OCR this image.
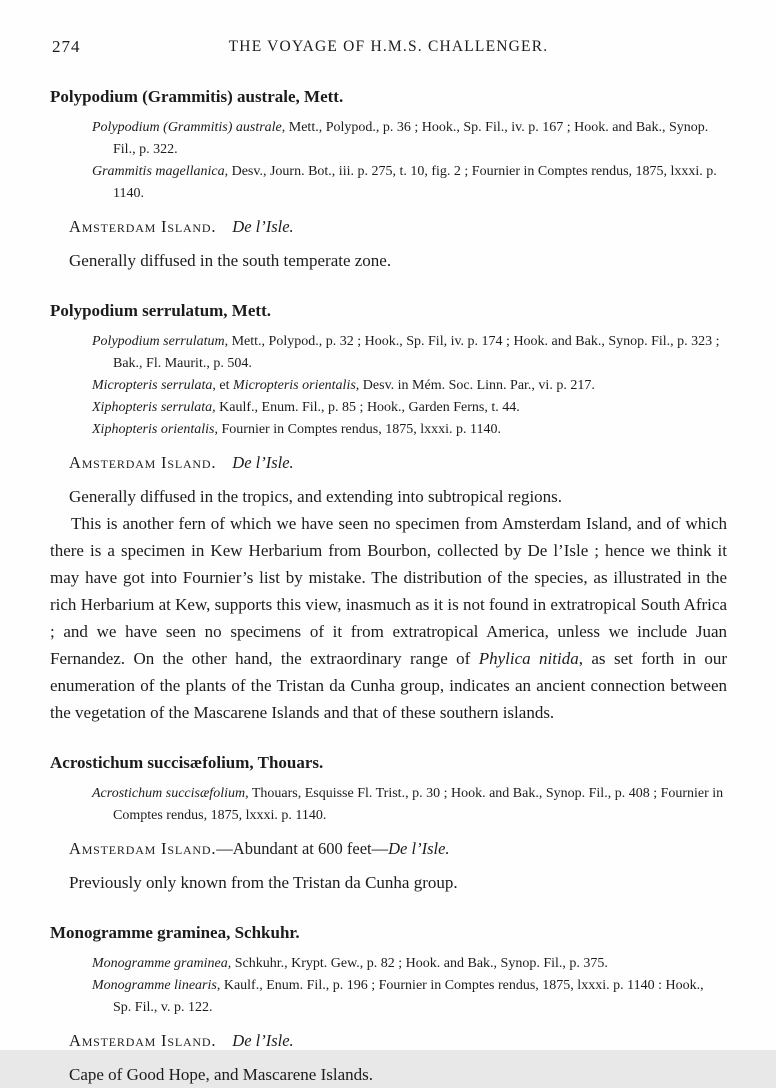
274	THE VOYAGE OF H.M.S. CHALLENGER.
Polypodium (Grammitis) australe, Mett.
Polypodium (Grammitis) australe, Mett., Polypod., p. 36 ; Hook., Sp. Fil., iv. p. 167 ; Hook. and Bak., Synop. Fil., p. 322.
Grammitis magellanica, Desv., Journ. Bot., iii. p. 275, t. 10, fig. 2 ; Fournier in Comptes rendus, 1875, lxxxi. p. 1140.
Amsterdam Island. De l’Isle.
Generally diffused in the south temperate zone.
Polypodium serrulatum, Mett.
Polypodium serrulatum, Mett., Polypod., p. 32 ; Hook., Sp. Fil, iv. p. 174 ; Hook. and Bak., Synop. Fil., p. 323 ; Bak., Fl. Maurit., p. 504.
Micropteris serrulata, et Micropteris orientalis, Desv. in Mém. Soc. Linn. Par., vi. p. 217.
Xiphopteris serrulata, Kaulf., Enum. Fil., p. 85 ; Hook., Garden Ferns, t. 44.
Xiphopteris orientalis, Fournier in Comptes rendus, 1875, lxxxi. p. 1140.
Amsterdam Island. De l’Isle.
Generally diffused in the tropics, and extending into subtropical regions.
This is another fern of which we have seen no specimen from Amsterdam Island, and of which there is a specimen in Kew Herbarium from Bourbon, collected by De l’Isle ; hence we think it may have got into Fournier’s list by mistake. The distribution of the species, as illustrated in the rich Herbarium at Kew, supports this view, inasmuch as it is not found in extratropical South Africa ; and we have seen no specimens of it from extratropical America, unless we include Juan Fernandez. On the other hand, the extraordinary range of Phylica nitida, as set forth in our enumeration of the plants of the Tristan da Cunha group, indicates an ancient connection between the vegetation of the Mascarene Islands and that of these southern islands.
Acrostichum succisæfolium, Thouars.
Acrostichum succisæfolium, Thouars, Esquisse Fl. Trist., p. 30 ; Hook. and Bak., Synop. Fil., p. 408 ; Fournier in Comptes rendus, 1875, lxxxi. p. 1140.
Amsterdam Island.—Abundant at 600 feet—De l’Isle.
Previously only known from the Tristan da Cunha group.
Monogramme graminea, Schkuhr.
Monogramme graminea, Schkuhr., Krypt. Gew., p. 82 ; Hook. and Bak., Synop. Fil., p. 375.
Monogramme linearis, Kaulf., Enum. Fil., p. 196 ; Fournier in Comptes rendus, 1875, lxxxi. p. 1140 : Hook., Sp. Fil., v. p. 122.
Amsterdam Island. De l’Isle.
Cape of Good Hope, and Mascarene Islands.
